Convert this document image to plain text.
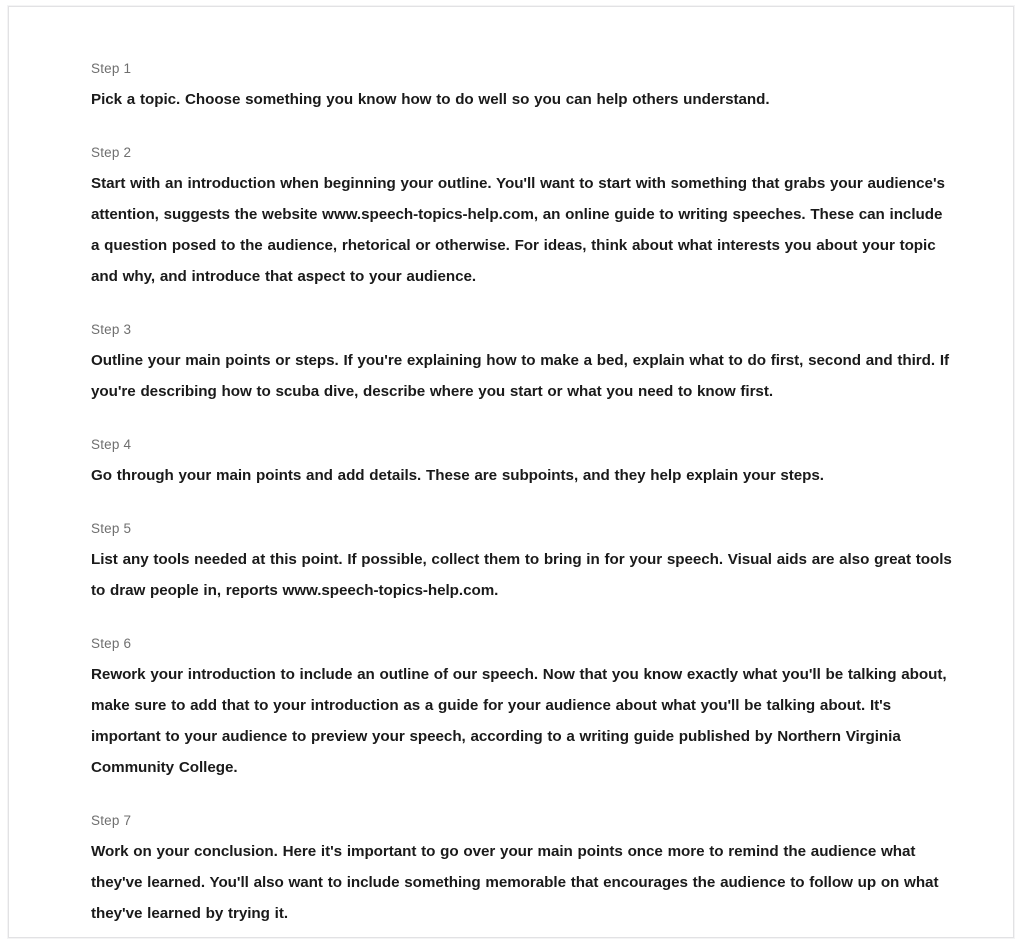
Step 1

Pick a topic. Choose something you know how to do well so you can help others understand.

Step 2

Start with an introduction when beginning your outline. You'll want to start with something that grabs your audience's attention, suggests the website www.speech-topics-help.com, an online guide to writing speeches. These can include a question posed to the audience, rhetorical or otherwise. For ideas, think about what interests you about your topic and why, and introduce that aspect to your audience.

Step 3

Outline your main points or steps. If you're explaining how to make a bed, explain what to do first, second and third. If you're describing how to scuba dive, describe where you start or what you need to know first.

Step 4

Go through your main points and add details. These are subpoints, and they help explain your steps.

Step 5

List any tools needed at this point. If possible, collect them to bring in for your speech. Visual aids are also great tools to draw people in, reports www.speech-topics-help.com.

Step 6

Rework your introduction to include an outline of our speech. Now that you know exactly what you'll be talking about, make sure to add that to your introduction as a guide for your audience about what you'll be talking about. It's important to your audience to preview your speech, according to a writing guide published by Northern Virginia Community College.

Step 7

Work on your conclusion. Here it's important to go over your main points once more to remind the audience what they've learned. You'll also want to include something memorable that encourages the audience to follow up on what they've learned by trying it.
